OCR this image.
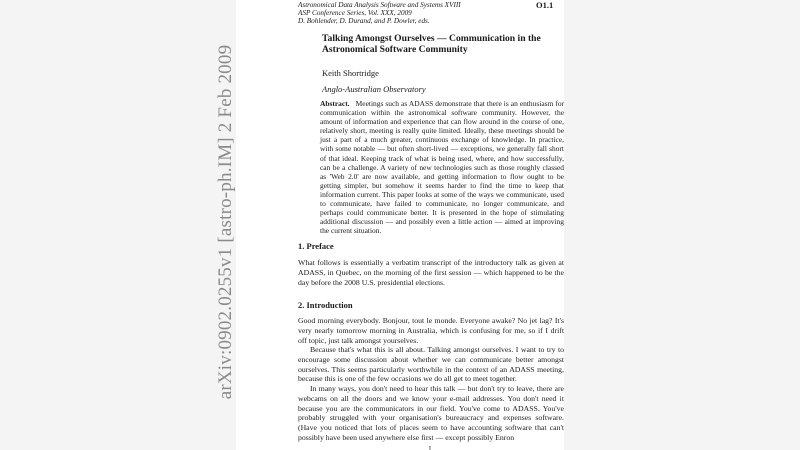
arXiv:0902.0255v1 [astro-ph.IM] 2 Feb 2009
Astronomical Data Analysis Software and Systems XVIII
ASP Conference Series, Vol. XXX, 2009
D. Bohlender, D. Durand, and P. Dowler, eds.
O1.1
Talking Amongst Ourselves — Communication in the Astronomical Software Community
Keith Shortridge
Anglo-Australian Observatory

Abstract. Meetings such as ADASS demonstrate that there is an enthusiasm for communication within the astronomical software community. However, the amount of information and experience that can flow around in the course of one, relatively short, meeting is really quite limited. Ideally, these meetings should be just a part of a much greater, continuous exchange of knowledge. In practice, with some notable — but often short-lived — exceptions, we generally fall short of that ideal. Keeping track of what is being used, where, and how successfully, can be a challenge. A variety of new technologies such as those roughly classed as 'Web 2.0' are now available, and getting information to flow ought to be getting simpler, but somehow it seems harder to find the time to keep that information current. This paper looks at some of the ways we communicate, used to communicate, have failed to communicate, no longer communicate, and perhaps could communicate better. It is presented in the hope of stimulating additional discussion — and possibly even a little action — aimed at improving the current situation.

1. Preface

What follows is essentially a verbatim transcript of the introductory talk as given at ADASS, in Quebec, on the morning of the first session — which happened to be the day before the 2008 U.S. presidential elections.

2. Introduction

Good morning everybody. Bonjour, tout le monde. Everyone awake? No jet lag? It's very nearly tomorrow morning in Australia, which is confusing for me, so if I drift off topic, just talk amongst yourselves.

Because that's what this is all about. Talking amongst ourselves. I want to try to encourage some discussion about whether we can communicate better amongst ourselves. This seems particularly worthwhile in the context of an ADASS meeting, because this is one of the few occasions we do all get to meet together.

In many ways, you don't need to hear this talk — but don't try to leave, there are webcams on all the doors and we know your e-mail addresses. You don't need it because you are the communicators in our field. You've come to ADASS. You've probably struggled with your organisation's bureaucracy and expenses software. (Have you noticed that lots of places seem to have accounting software that can't possibly have been used anywhere else first — except possibly Enron

1
